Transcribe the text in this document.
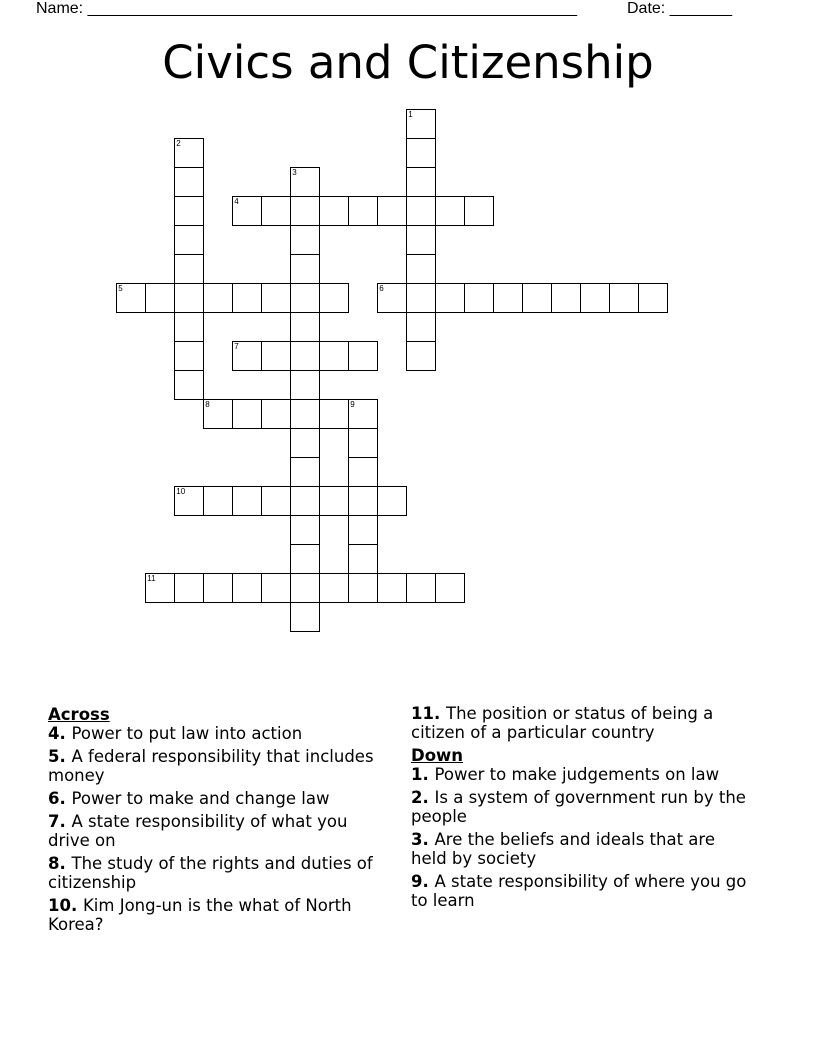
Name: _______________________________________________________	Date: _______
Civics and Citizenship
1
2
3
4
5	6
7
8	9
10
11
Across
4. Power to put law into action
5. A federal responsibility that includes money
6. Power to make and change law
7. A state responsibility of what you drive on
8. The study of the rights and duties of citizenship
10. Kim Jong-un is the what of North Korea?
11. The position or status of being a citizen of a particular country
Down
1. Power to make judgements on law
2. Is a system of government run by the people
3. Are the beliefs and ideals that are held by society
9. A state responsibility of where you go to learn
